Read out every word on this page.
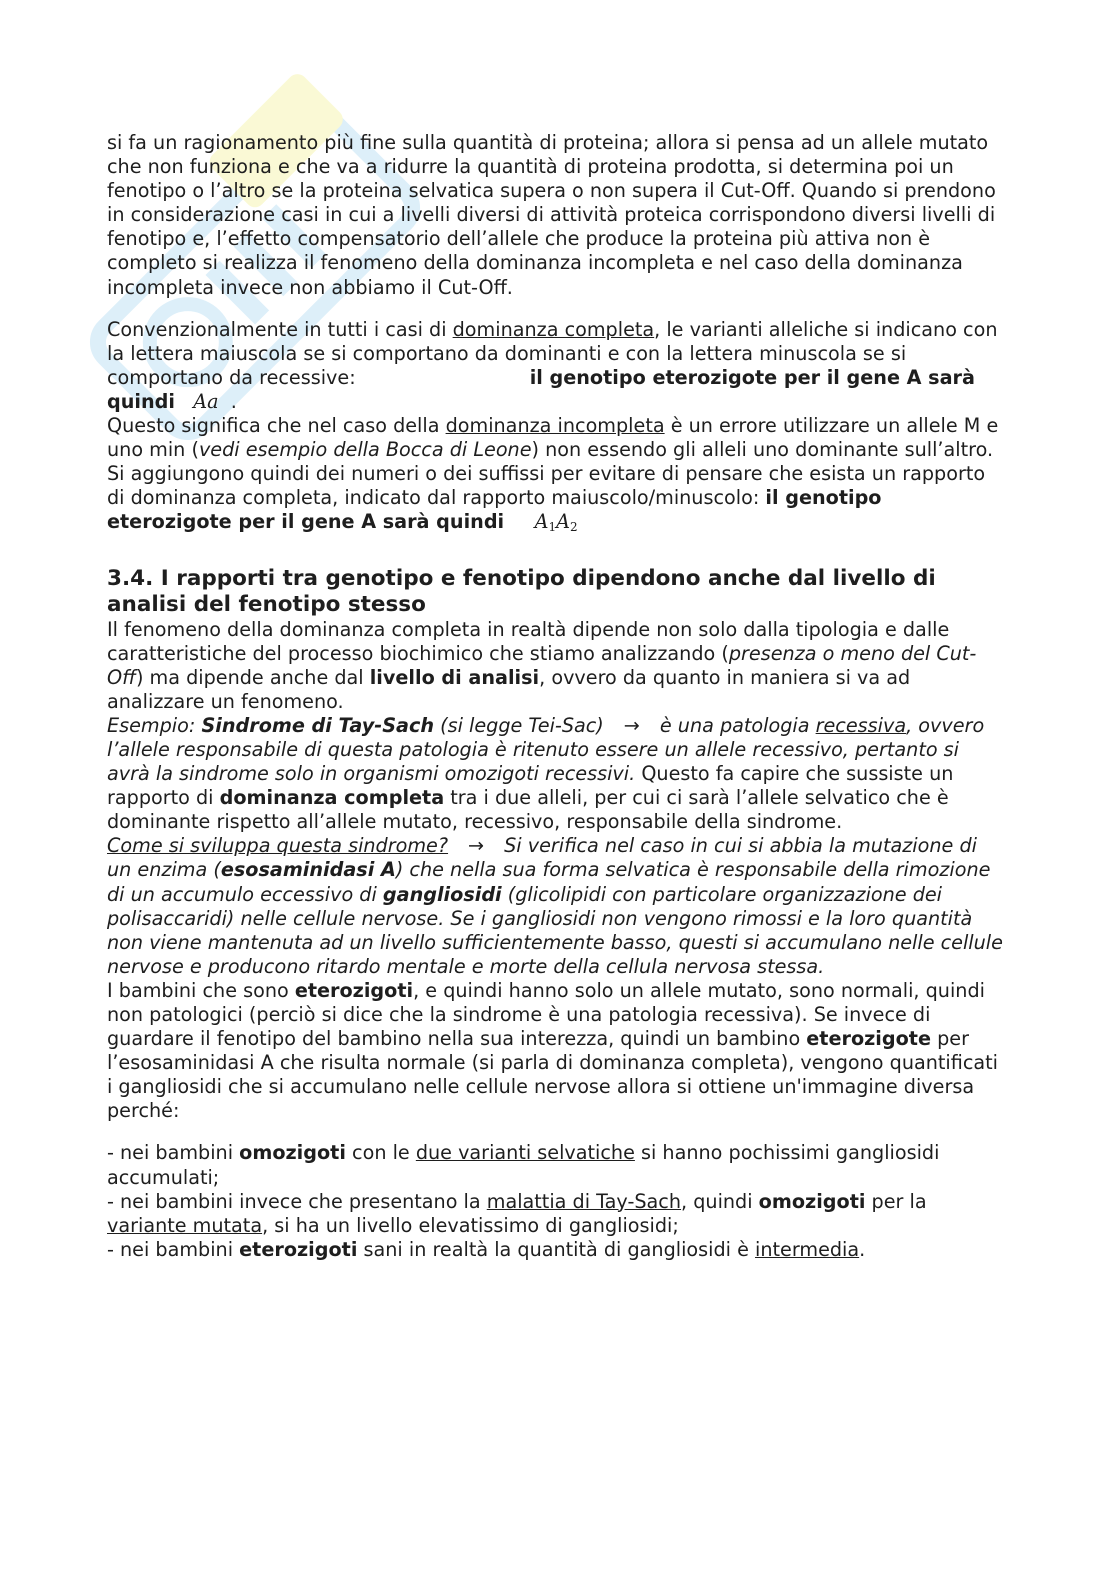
si fa un ragionamento più fine sulla quantità di proteina; allora si pensa ad un allele mutato che non funziona e che va a ridurre la quantità di proteina prodotta, si determina poi un fenotipo o l’altro se la proteina selvatica supera o non supera il Cut-Off. Quando si prendono in considerazione casi in cui a livelli diversi di attività proteica corrispondono diversi livelli di fenotipo e, l’effetto compensatorio dell’allele che produce la proteina più attiva non è completo si realizza il fenomeno della dominanza incompleta e nel caso della dominanza incompleta invece non abbiamo il Cut-Off.

Convenzionalmente in tutti i casi di dominanza completa, le varianti alleliche si indicano con la lettera maiuscola se si comportano da dominanti e con la lettera minuscola se si comportano da recessive:	il genotipo eterozigote per il gene A sarà quindi Aa .

Questo significa che nel caso della dominanza incompleta è un errore utilizzare un allele M e uno min (vedi esempio della Bocca di Leone) non essendo gli alleli uno dominante sull’altro. Si aggiungono quindi dei numeri o dei suffissi per evitare di pensare che esista un rapporto di dominanza completa, indicato dal rapporto maiuscolo/minuscolo: il genotipo eterozigote per il gene A sarà quindi $A_1A_2$

3.4. I rapporti tra genotipo e fenotipo dipendono anche dal livello di analisi del fenotipo stesso

Il fenomeno della dominanza completa in realtà dipende non solo dalla tipologia e dalle caratteristiche del processo biochimico che stiamo analizzando (presenza o meno del Cut-Off) ma dipende anche dal livello di analisi, ovvero da quanto in maniera si va ad analizzare un fenomeno.

Esempio: Sindrome di Tay-Sach (si legge Tei-Sac) → è una patologia recessiva, ovvero l’allele responsabile di questa patologia è ritenuto essere un allele recessivo, pertanto si avrà la sindrome solo in organismi omozigoti recessivi. Questo fa capire che sussiste un rapporto di dominanza completa tra i due alleli, per cui ci sarà l’allele selvatico che è dominante rispetto all’allele mutato, recessivo, responsabile della sindrome.

Come si sviluppa questa sindrome? → Si verifica nel caso in cui si abbia la mutazione di un enzima (esosaminidasi A) che nella sua forma selvatica è responsabile della rimozione di un accumulo eccessivo di gangliosidi (glicolipidi con particolare organizzazione dei polisaccaridi) nelle cellule nervose. Se i gangliosidi non vengono rimossi e la loro quantità non viene mantenuta ad un livello sufficientemente basso, questi si accumulano nelle cellule nervose e producono ritardo mentale e morte della cellula nervosa stessa.

I bambini che sono eterozigoti, e quindi hanno solo un allele mutato, sono normali, quindi non patologici (perciò si dice che la sindrome è una patologia recessiva). Se invece di guardare il fenotipo del bambino nella sua interezza, quindi un bambino eterozigote per l’esosaminidasi A che risulta normale (si parla di dominanza completa), vengono quantificati i gangliosidi che si accumulano nelle cellule nervose allora si ottiene un'immagine diversa perché:

- nei bambini omozigoti con le due varianti selvatiche si hanno pochissimi gangliosidi accumulati;

- nei bambini invece che presentano la malattia di Tay-Sach, quindi omozigoti per la variante mutata, si ha un livello elevatissimo di gangliosidi;

- nei bambini eterozigoti sani in realtà la quantità di gangliosidi è intermedia.
